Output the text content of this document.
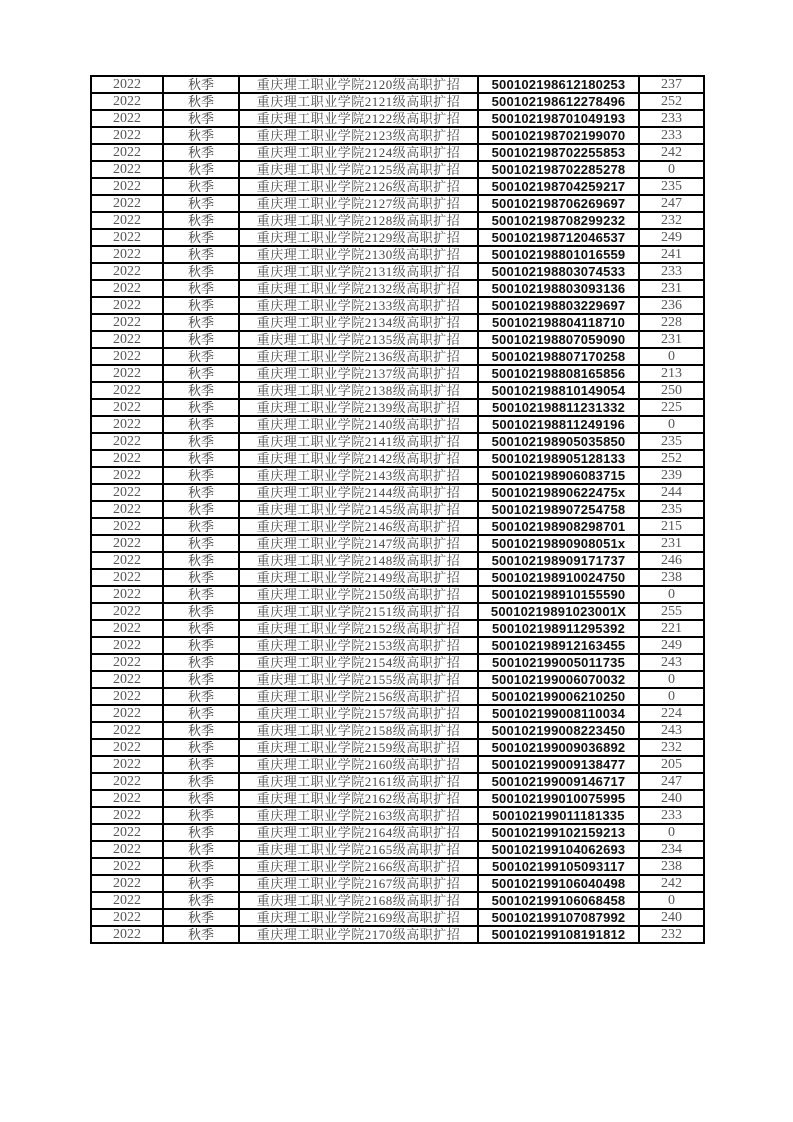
2022	秋季	重庆理工职业学院2120级高职扩招	500102198612180253	237
2022	秋季	重庆理工职业学院2121级高职扩招	500102198612278496	252
2022	秋季	重庆理工职业学院2122级高职扩招	500102198701049193	233
2022	秋季	重庆理工职业学院2123级高职扩招	500102198702199070	233
2022	秋季	重庆理工职业学院2124级高职扩招	500102198702255853	242
2022	秋季	重庆理工职业学院2125级高职扩招	500102198702285278	0
2022	秋季	重庆理工职业学院2126级高职扩招	500102198704259217	235
2022	秋季	重庆理工职业学院2127级高职扩招	500102198706269697	247
2022	秋季	重庆理工职业学院2128级高职扩招	500102198708299232	232
2022	秋季	重庆理工职业学院2129级高职扩招	500102198712046537	249
2022	秋季	重庆理工职业学院2130级高职扩招	500102198801016559	241
2022	秋季	重庆理工职业学院2131级高职扩招	500102198803074533	233
2022	秋季	重庆理工职业学院2132级高职扩招	500102198803093136	231
2022	秋季	重庆理工职业学院2133级高职扩招	500102198803229697	236
2022	秋季	重庆理工职业学院2134级高职扩招	500102198804118710	228
2022	秋季	重庆理工职业学院2135级高职扩招	500102198807059090	231
2022	秋季	重庆理工职业学院2136级高职扩招	500102198807170258	0
2022	秋季	重庆理工职业学院2137级高职扩招	500102198808165856	213
2022	秋季	重庆理工职业学院2138级高职扩招	500102198810149054	250
2022	秋季	重庆理工职业学院2139级高职扩招	500102198811231332	225
2022	秋季	重庆理工职业学院2140级高职扩招	500102198811249196	0
2022	秋季	重庆理工职业学院2141级高职扩招	500102198905035850	235
2022	秋季	重庆理工职业学院2142级高职扩招	500102198905128133	252
2022	秋季	重庆理工职业学院2143级高职扩招	500102198906083715	239
2022	秋季	重庆理工职业学院2144级高职扩招	50010219890622475x	244
2022	秋季	重庆理工职业学院2145级高职扩招	500102198907254758	235
2022	秋季	重庆理工职业学院2146级高职扩招	500102198908298701	215
2022	秋季	重庆理工职业学院2147级高职扩招	50010219890908051x	231
2022	秋季	重庆理工职业学院2148级高职扩招	500102198909171737	246
2022	秋季	重庆理工职业学院2149级高职扩招	500102198910024750	238
2022	秋季	重庆理工职业学院2150级高职扩招	500102198910155590	0
2022	秋季	重庆理工职业学院2151级高职扩招	50010219891023001X	255
2022	秋季	重庆理工职业学院2152级高职扩招	500102198911295392	221
2022	秋季	重庆理工职业学院2153级高职扩招	500102198912163455	249
2022	秋季	重庆理工职业学院2154级高职扩招	500102199005011735	243
2022	秋季	重庆理工职业学院2155级高职扩招	500102199006070032	0
2022	秋季	重庆理工职业学院2156级高职扩招	500102199006210250	0
2022	秋季	重庆理工职业学院2157级高职扩招	500102199008110034	224
2022	秋季	重庆理工职业学院2158级高职扩招	500102199008223450	243
2022	秋季	重庆理工职业学院2159级高职扩招	500102199009036892	232
2022	秋季	重庆理工职业学院2160级高职扩招	500102199009138477	205
2022	秋季	重庆理工职业学院2161级高职扩招	500102199009146717	247
2022	秋季	重庆理工职业学院2162级高职扩招	500102199010075995	240
2022	秋季	重庆理工职业学院2163级高职扩招	500102199011181335	233
2022	秋季	重庆理工职业学院2164级高职扩招	500102199102159213	0
2022	秋季	重庆理工职业学院2165级高职扩招	500102199104062693	234
2022	秋季	重庆理工职业学院2166级高职扩招	500102199105093117	238
2022	秋季	重庆理工职业学院2167级高职扩招	500102199106040498	242
2022	秋季	重庆理工职业学院2168级高职扩招	500102199106068458	0
2022	秋季	重庆理工职业学院2169级高职扩招	500102199107087992	240
2022	秋季	重庆理工职业学院2170级高职扩招	500102199108191812	232
